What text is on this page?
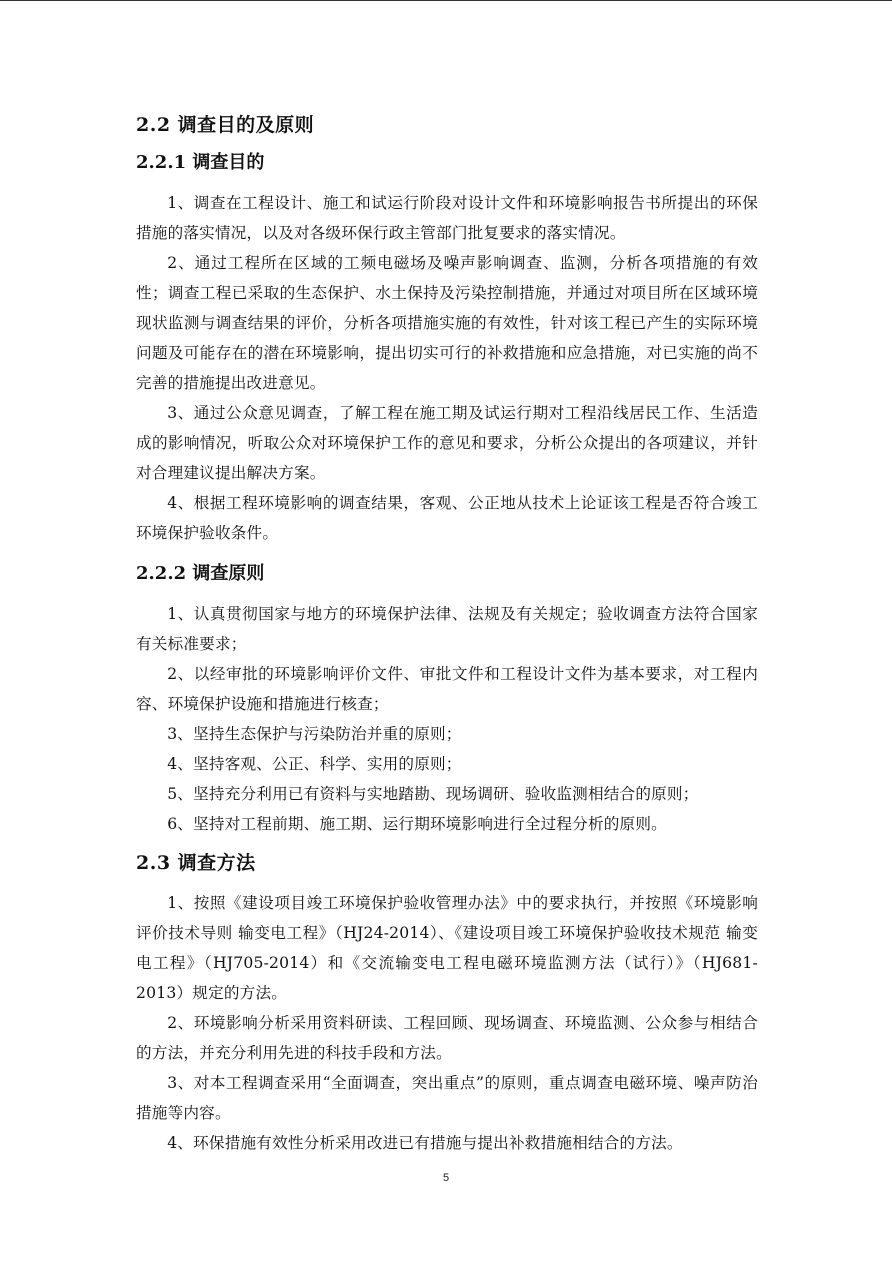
2.2 调查目的及原则
2.2.1 调查目的

1、调查在工程设计、施工和试运行阶段对设计文件和环境影响报告书所提出的环保措施的落实情况，以及对各级环保行政主管部门批复要求的落实情况。

2、通过工程所在区域的工频电磁场及噪声影响调查、监测，分析各项措施的有效性；调查工程已采取的生态保护、水土保持及污染控制措施，并通过对项目所在区域环境现状监测与调查结果的评价，分析各项措施实施的有效性，针对该工程已产生的实际环境问题及可能存在的潜在环境影响，提出切实可行的补救措施和应急措施，对已实施的尚不完善的措施提出改进意见。

3、通过公众意见调查，了解工程在施工期及试运行期对工程沿线居民工作、生活造成的影响情况，听取公众对环境保护工作的意见和要求，分析公众提出的各项建议，并针对合理建议提出解决方案。

4、根据工程环境影响的调查结果，客观、公正地从技术上论证该工程是否符合竣工环境保护验收条件。

2.2.2 调查原则

1、认真贯彻国家与地方的环境保护法律、法规及有关规定；验收调查方法符合国家有关标准要求；

2、以经审批的环境影响评价文件、审批文件和工程设计文件为基本要求，对工程内容、环境保护设施和措施进行核查；

3、坚持生态保护与污染防治并重的原则；

4、坚持客观、公正、科学、实用的原则；

5、坚持充分利用已有资料与实地踏勘、现场调研、验收监测相结合的原则；

6、坚持对工程前期、施工期、运行期环境影响进行全过程分析的原则。

2.3 调查方法

1、按照《建设项目竣工环境保护验收管理办法》中的要求执行，并按照《环境影响评价技术导则 输变电工程》（HJ24-2014）、《建设项目竣工环境保护验收技术规范 输变电工程》（HJ705-2014）和《交流输变电工程电磁环境监测方法（试行）》（HJ681-2013）规定的方法。

2、环境影响分析采用资料研读、工程回顾、现场调查、环境监测、公众参与相结合的方法，并充分利用先进的科技手段和方法。

3、对本工程调查采用“全面调查，突出重点”的原则，重点调查电磁环境、噪声防治措施等内容。

4、环保措施有效性分析采用改进已有措施与提出补救措施相结合的方法。

5
